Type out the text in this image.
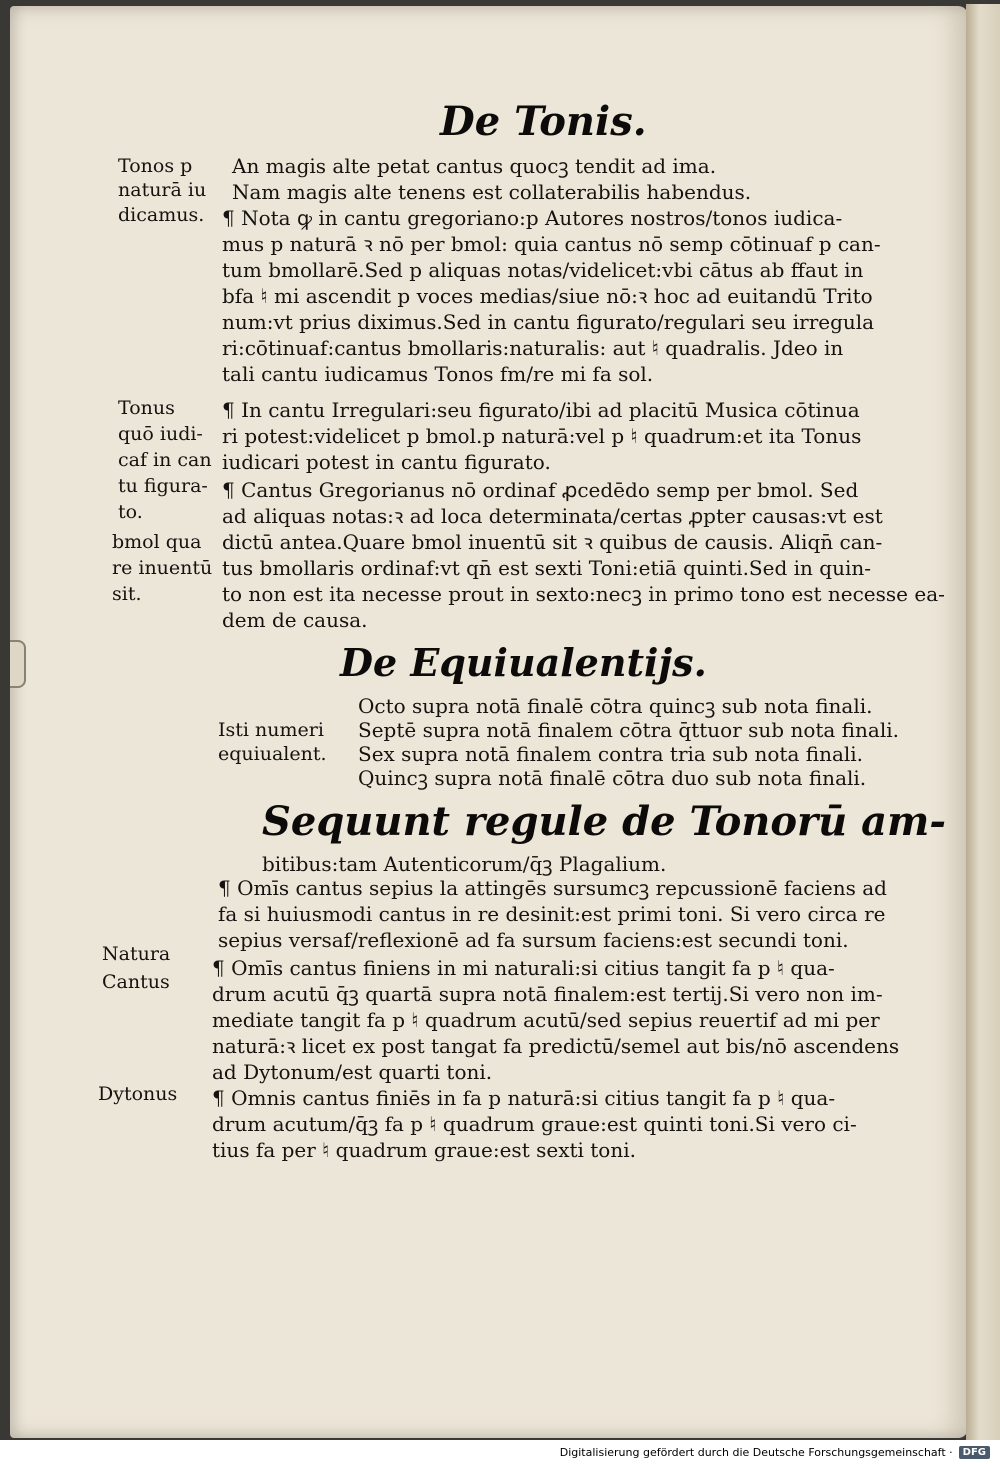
De Tonis.
De Equiualentijs.
Sequunt regule de Tonorū am-
bitibus:tam Autenticorum/q̄ꝫ Plagalium.
Tonos p
naturā iu
dicamus.
Tonus
quō iudi-
caf in can
tu figura-
to.
bmol qua
re inuentū
sit.
Isti numeri
equiualent.
Natura
Cantus
Dytonus
An magis alte petat cantus quocꝫ tendit ad ima.
Nam magis alte tenens est collaterabilis habendus.
¶ Nota ꝙ in cantu gregoriano:p Autores nostros/tonos iudica-
mus p naturā ꝛ nō per bmol: quia cantus nō semp cōtinuaf p can-
tum bmollarē.Sed p aliquas notas/videlicet:vbi cātus ab ffaut in
bfa ♮ mi ascendit p voces medias/siue nō:ꝛ hoc ad euitandū Trito
num:vt prius diximus.Sed in cantu figurato/regulari seu irregula
ri:cōtinuaf:cantus bmollaris:naturalis: aut ♮ quadralis. Jdeo in
tali cantu iudicamus Tonos fm/re mi fa sol.
¶ In cantu Irregulari:seu figurato/ibi ad placitū Musica cōtinua
ri potest:videlicet p bmol.p naturā:vel p ♮ quadrum:et ita Tonus
iudicari potest in cantu figurato.
¶ Cantus Gregorianus nō ordinaf ꝓcedēdo semp per bmol. Sed
ad aliquas notas:ꝛ ad loca determinata/certas ꝓpter causas:vt est
dictū antea.Quare bmol inuentū sit ꝛ quibus de causis. Aliqn̄ can-
tus bmollaris ordinaf:vt qn̄ est sexti Toni:etiā quinti.Sed in quin-
to non est ita necesse prout in sexto:necꝫ in primo tono est necesse ea-
dem de causa.
Octo supra notā finalē cōtra quincꝫ sub nota finali.
Septē supra notā finalem cōtra q̄ttuor sub nota finali.
Sex supra notā finalem contra tria sub nota finali.
Quincꝫ supra notā finalē cōtra duo sub nota finali.
¶ Omīs cantus sepius la attingēs sursumcꝫ repcussionē faciens ad
fa si huiusmodi cantus in re desinit:est primi toni. Si vero circa re
sepius versaf/reflexionē ad fa sursum faciens:est secundi toni.
¶ Omīs cantus finiens in mi naturali:si citius tangit fa p ♮ qua-
drum acutū q̄ꝫ quartā supra notā finalem:est tertij.Si vero non im-
mediate tangit fa p ♮ quadrum acutū/sed sepius reuertif ad mi per
naturā:ꝛ licet ex post tangat fa predictū/semel aut bis/nō ascendens
ad Dytonum/est quarti toni.
¶ Omnis cantus finiēs in fa p naturā:si citius tangit fa p ♮ qua-
drum acutum/q̄ꝫ fa p ♮ quadrum graue:est quinti toni.Si vero ci-
tius fa per ♮ quadrum graue:est sexti toni.
Digitalisierung gefördert durch die Deutsche Forschungsgemeinschaft ·	DFG
